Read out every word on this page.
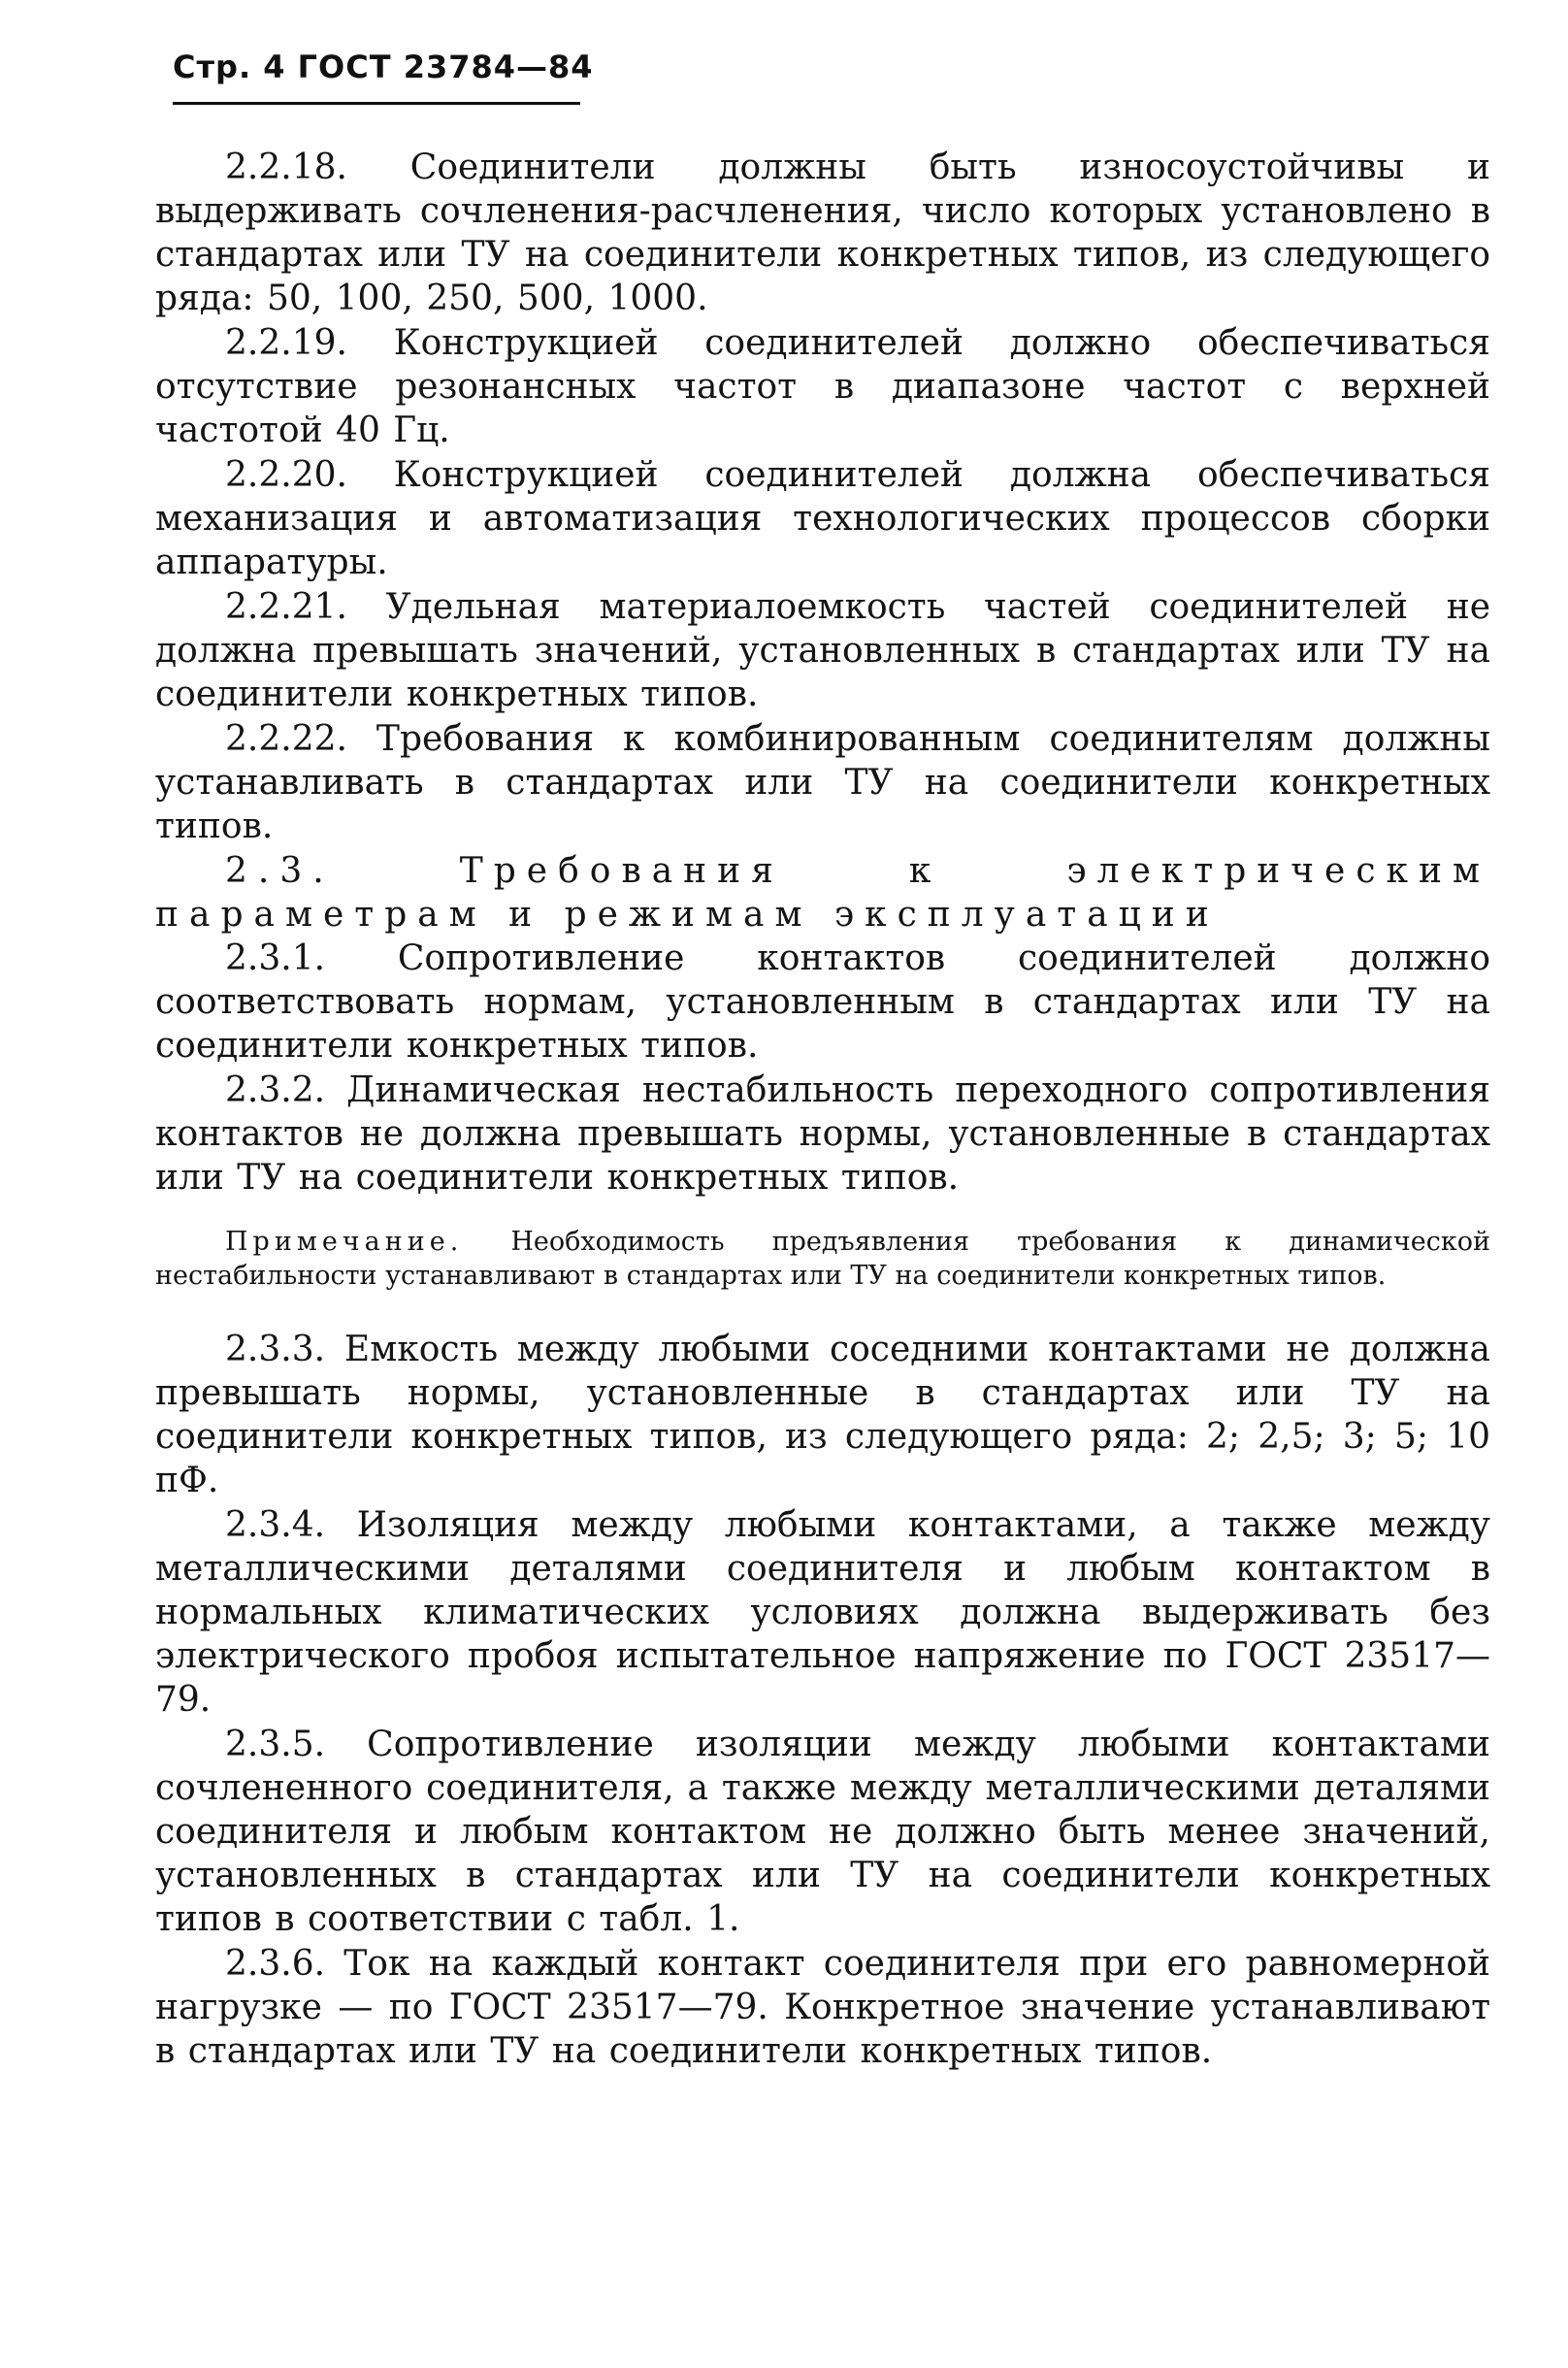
Стр. 4 ГОСТ 23784—84

2.2.18. Соединители должны быть износоустойчивы и выдерживать сочленения-расчленения, число которых установлено в стандартах или ТУ на соединители конкретных типов, из следующего ряда: 50, 100, 250, 500, 1000.

2.2.19. Конструкцией соединителей должно обеспечиваться отсутствие резонансных частот в диапазоне частот с верхней частотой 40 Гц.

2.2.20. Конструкцией соединителей должна обеспечиваться механизация и автоматизация технологических процессов сборки аппаратуры.

2.2.21. Удельная материалоемкость частей соединителей не должна превышать значений, установленных в стандартах или ТУ на соединители конкретных типов.

2.2.22. Требования к комбинированным соединителям должны устанавливать в стандартах или ТУ на соединители конкретных типов.

2.3. Требования к электрическим параметрам и режимам эксплуатации

2.3.1. Сопротивление контактов соединителей должно соответствовать нормам, установленным в стандартах или ТУ на соединители конкретных типов.

2.3.2. Динамическая нестабильность переходного сопротивления контактов не должна превышать нормы, установленные в стандартах или ТУ на соединители конкретных типов.

Примечание. Необходимость предъявления требования к динамической нестабильности устанавливают в стандартах или ТУ на соединители конкретных типов.

2.3.3. Емкость между любыми соседними контактами не должна превышать нормы, установленные в стандартах или ТУ на соединители конкретных типов, из следующего ряда: 2; 2,5; 3; 5; 10 пФ.

2.3.4. Изоляция между любыми контактами, а также между металлическими деталями соединителя и любым контактом в нормальных климатических условиях должна выдерживать без электрического пробоя испытательное напряжение по ГОСТ 23517—79.

2.3.5. Сопротивление изоляции между любыми контактами сочлененного соединителя, а также между металлическими деталями соединителя и любым контактом не должно быть менее значений, установленных в стандартах или ТУ на соединители конкретных типов в соответствии с табл. 1.

2.3.6. Ток на каждый контакт соединителя при его равномерной нагрузке — по ГОСТ 23517—79. Конкретное значение устанавливают в стандартах или ТУ на соединители конкретных типов.
